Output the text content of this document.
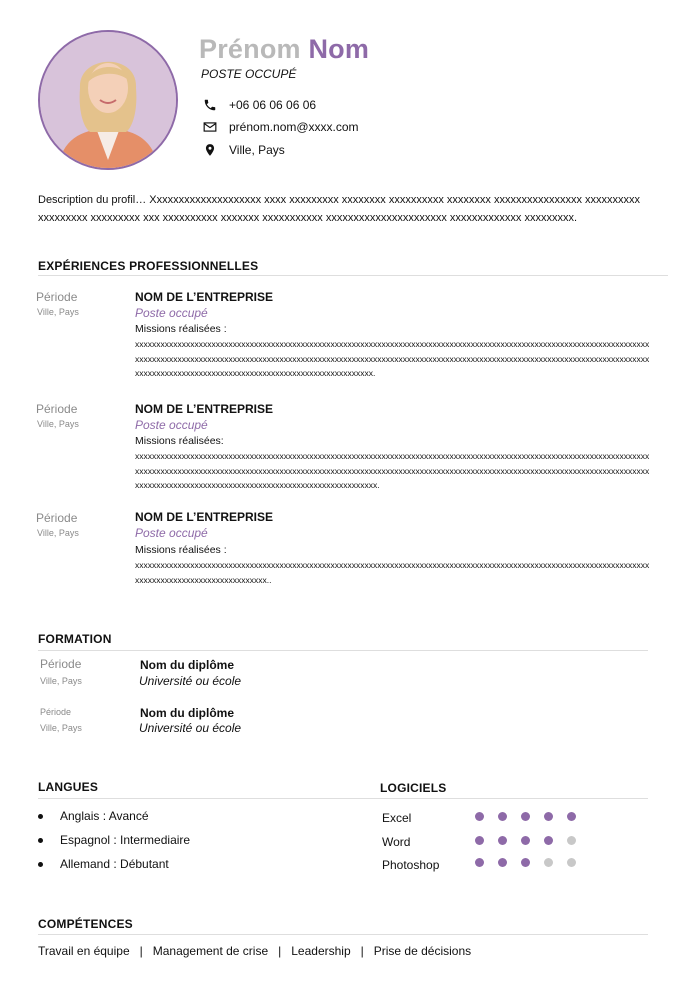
Prénom Nom
POSTE OCCUPÉ
+06 06 06 06 06
prénom.nom@xxxx.com
Ville, Pays
Description du profil… Xxxxxxxxxxxxxxxxxxxx xxxx xxxxxxxxx xxxxxxxx xxxxxxxxxx xxxxxxxx xxxxxxxxxxxxxxxx xxxxxxxxxx xxxxxxxxx xxxxxxxxx xxx xxxxxxxxxx xxxxxxx xxxxxxxxxxx xxxxxxxxxxxxxxxxxxxxxx xxxxxxxxxxxxx xxxxxxxxx.
EXPÉRIENCES PROFESSIONNELLES
Période
Ville, Pays
NOM DE L’ENTREPRISE
Poste occupé
Missions réalisées :
xxxxxxxxxxxxxxxxxxxxxxxxxxxxxxxxxxxxxxxxxxxxxxxxxxxxxxxxxxxxxxxxxxxxxxxxxxxxxxxxxxxxxxxxxxxxxxxxxxxxxxxxxxxxxxxxxxxxxxxxxxxxxxxxxxxxxxxxxxxxxxxxxxxxxxxxxxxxxxxxxxxxxxxxxxxxxxxxxxxxxxxxxxxxxxxxxxxxxxxxxxxxxxxxxxxxxxxxxxxxxxxxxxxxxxxxxxxxxxxxxxxxxxxxxxxxxxxxxxxxxxxxxxxxxxxxxxxxxxxxxxxxxxxxxxxxxxxxxx.
Période
Ville, Pays
NOM DE L’ENTREPRISE
Poste occupé
Missions réalisées:
xxxxxxxxxxxxxxxxxxxxxxxxxxxxxxxxxxxxxxxxxxxxxxxxxxxxxxxxxxxxxxxxxxxxxxxxxxxxxxxxxxxxxxxxxxxxxxxxxxxxxxxxxxxxxxxxxxxxxxxxxxxxxxxxxxxxxxxxxxxxxxxxxxxxxxxxxxxxxxxxxxxxxxxxxxxxxxxxxxxxxxxxxxxxxxxxxxxxxxxxxxxxxxxxxxxxxxxxxxxxxxxxxxxxxxxxxxxxxxxxxxxxxxxxxxxxxxxxxxxxxxxxxxxxxxxxxxxxxxxxxxxxxxxxxxxxxxxxxxx.
Période
Ville, Pays
NOM DE L’ENTREPRISE
Poste occupé
Missions réalisées :
xxxxxxxxxxxxxxxxxxxxxxxxxxxxxxxxxxxxxxxxxxxxxxxxxxxxxxxxxxxxxxxxxxxxxxxxxxxxxxxxxxxxxxxxxxxxxxxxxxxxxxxxxxxxxxxxxxxxxxxxxxxxxxxxxxxxxxxxxxxxxxxxxxxxxxxx..
FORMATION
Période
Ville, Pays
Nom du diplôme
Université ou école
Période
Ville, Pays
Nom du diplôme
Université ou école
LANGUES
Anglais : Avancé
Espagnol : Intermediaire
Allemand : Débutant
LOGICIELS
Excel
Word
Photoshop
COMPÉTENCES
Travail en équipe   |   Management de crise   |   Leadership   |   Prise de décisions
